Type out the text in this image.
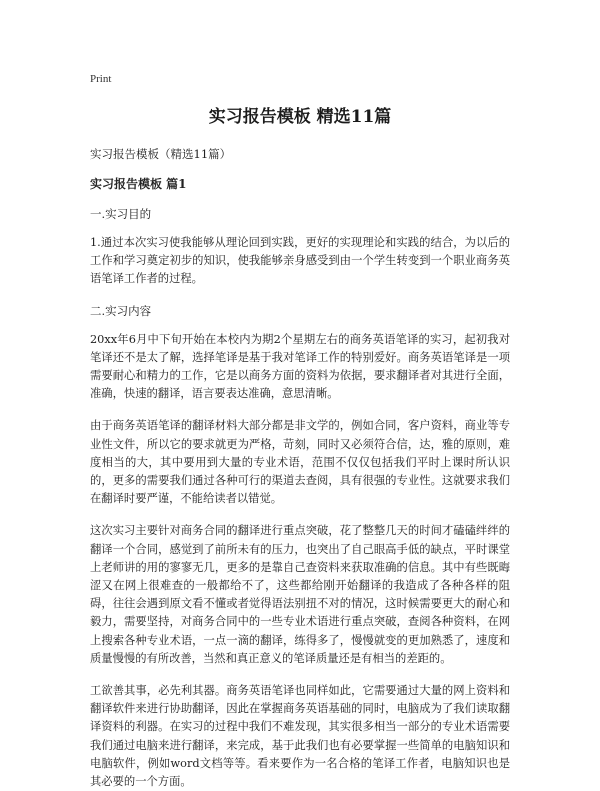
Print
实习报告模板 精选11篇
实习报告模板（精选11篇）
实习报告模板 篇1
一.实习目的

1.通过本次实习使我能够从理论回到实践，更好的实现理论和实践的结合，为以后的工作和学习奠定初步的知识，使我能够亲身感受到由一个学生转变到一个职业商务英语笔译工作者的过程。

二.实习内容

20xx年6月中下旬开始在本校内为期2个星期左右的商务英语笔译的实习，起初我对笔译还不是太了解，选择笔译是基于我对笔译工作的特别爱好。商务英语笔译是一项需要耐心和精力的工作，它是以商务方面的资料为依据，要求翻译者对其进行全面，准确，快速的翻译，语言要表达准确，意思清晰。

由于商务英语笔译的翻译材料大部分都是非文学的，例如合同，客户资料，商业等专业性文件，所以它的要求就更为严格，苛刻，同时又必须符合信，达，雅的原则，难度相当的大，其中要用到大量的专业术语，范围不仅仅包括我们平时上课时所认识的，更多的需要我们通过各种可行的渠道去查阅，具有很强的专业性。这就要求我们在翻译时要严谨，不能给读者以错觉。

这次实习主要针对商务合同的翻译进行重点突破，花了整整几天的时间才磕磕绊绊的翻译一个合同，感觉到了前所未有的压力，也突出了自己眼高手低的缺点，平时课堂上老师讲的用的寥寥无几，更多的是靠自己查资料来获取准确的信息。其中有些既晦涩又在网上很难查的一般都给不了，这些都给刚开始翻译的我造成了各种各样的阻碍，往往会遇到原文看不懂或者觉得语法别扭不对的情况，这时候需要更大的耐心和毅力，需要坚持，对商务合同中的一些专业术语进行重点突破，查阅各种资料，在网上搜索各种专业术语，一点一滴的翻译，练得多了，慢慢就变的更加熟悉了，速度和质量慢慢的有所改善，当然和真正意义的笔译质量还是有相当的差距的。

工欲善其事，必先利其器。商务英语笔译也同样如此，它需要通过大量的网上资料和翻译软件来进行协助翻译，因此在掌握商务英语基础的同时，电脑成为了我们读取翻译资料的利器。在实习的过程中我们不难发现，其实很多相当一部分的专业术语需要我们通过电脑来进行翻译，来完成，基于此我们也有必要掌握一些简单的电脑知识和电脑软件，例如word文档等等。看来要作为一名合格的笔译工作者，电脑知识也是其必要的一个方面。
